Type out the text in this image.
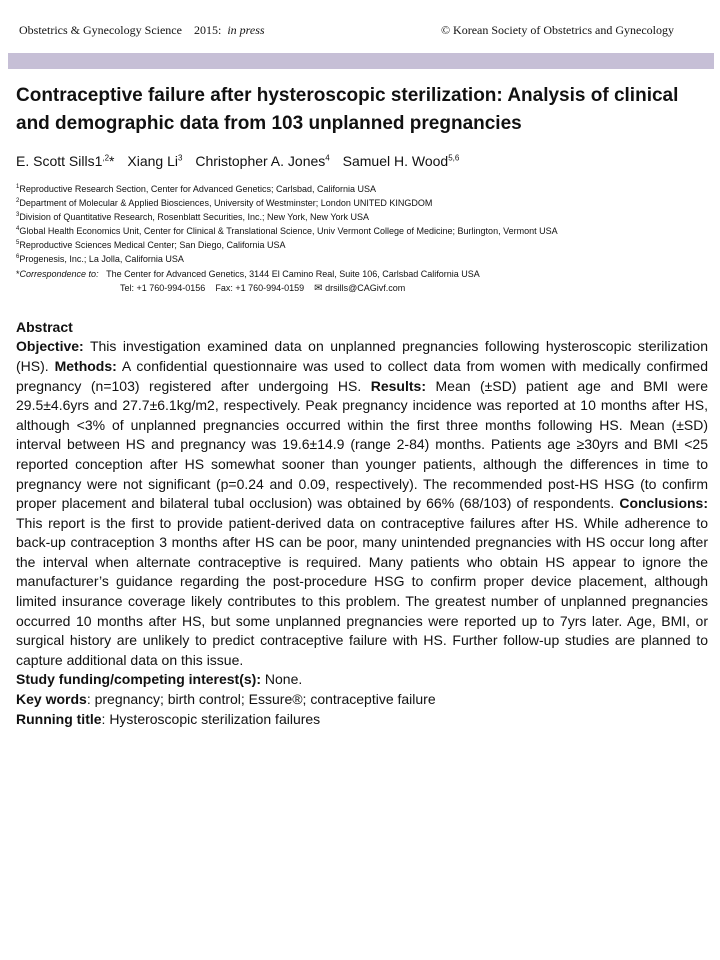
Obstetrics & Gynecology Science 2015: in press	© Korean Society of Obstetrics and Gynecology
Contraceptive failure after hysteroscopic sterilization: Analysis of clinical and demographic data from 103 unplanned pregnancies
E. Scott $Sills1^{,2}*$ Xiang Li$^3$ Christopher A. Jones$^4$ Samuel H. Wood$^{5,6}$
$^1$Reproductive Research Section, Center for Advanced Genetics; Carlsbad, California USA
$^2$Department of Molecular & Applied Biosciences, University of Westminster; London UNITED KINGDOM
$^3$Division of Quantitative Research, Rosenblatt Securities, Inc.; New York, New York USA
$^4$Global Health Economics Unit, Center for Clinical & Translational Science, Univ Vermont College of Medicine; Burlington, Vermont USA
$^5$Reproductive Sciences Medical Center; San Diego, California USA
$^6$Progenesis, Inc.; La Jolla, California USA
*Correspondence to: The Center for Advanced Genetics, 3144 El Camino Real, Suite 106, Carlsbad California USA
Tel: +1 760-994-0156    Fax: +1 760-994-0159 ✉ drsills@CAGivf.com
Abstract

Objective: This investigation examined data on unplanned pregnancies following hysteroscopic sterilization (HS). Methods: A confidential questionnaire was used to collect data from women with medically confirmed pregnancy (n=103) registered after undergoing HS. Results: Mean (±SD) patient age and BMI were 29.5±4.6yrs and 27.7±6.1kg/m2, respectively. Peak pregnancy incidence was reported at 10 months after HS, although <3% of unplanned pregnancies occurred within the first three months following HS. Mean (±SD) interval between HS and pregnancy was 19.6±14.9 (range 2-84) months. Patients age ≥30yrs and BMI <25 reported conception after HS somewhat sooner than younger patients, although the differences in time to pregnancy were not significant (p=0.24 and 0.09, respectively). The recommended post-HS HSG (to confirm proper placement and bilateral tubal occlusion) was obtained by 66% (68/103) of respondents. Conclusions: This report is the first to provide patient-derived data on contraceptive failures after HS. While adherence to back-up contraception 3 months after HS can be poor, many unintended pregnancies with HS occur long after the interval when alternate contraceptive is required. Many patients who obtain HS appear to ignore the manufacturer’s guidance regarding the post-procedure HSG to confirm proper device placement, although limited insurance coverage likely contributes to this problem. The greatest number of unplanned pregnancies occurred 10 months after HS, but some unplanned pregnancies were reported up to 7yrs later. Age, BMI, or surgical history are unlikely to predict contraceptive failure with HS. Further follow-up studies are planned to capture additional data on this issue.

Study funding/competing interest(s): None.

Key words: pregnancy; birth control; Essure®; contraceptive failure

Running title: Hysteroscopic sterilization failures
